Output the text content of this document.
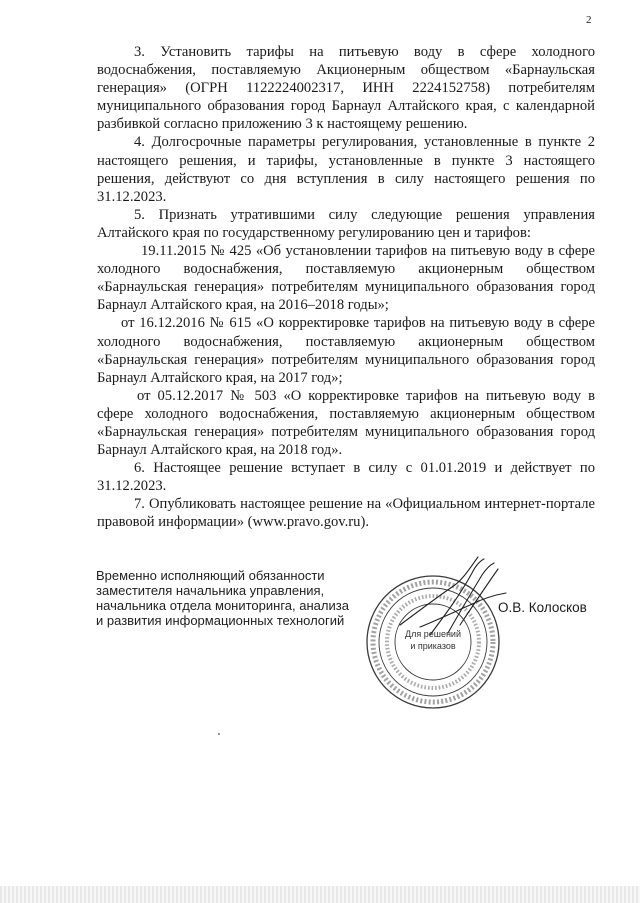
2

3. Установить тарифы на питьевую воду в сфере холодного водоснабжения, поставляемую Акционерным обществом «Барнаульская генерация» (ОГРН 1122224002317, ИНН 2224152758) потребителям муниципального образования город Барнаул Алтайского края, с календарной разбивкой согласно приложению 3 к настоящему решению.

4. Долгосрочные параметры регулирования, установленные в пункте 2 настоящего решения, и тарифы, установленные в пункте 3 настоящего решения, действуют со дня вступления в силу настоящего решения по 31.12.2023.

5. Признать утратившими силу следующие решения управления Алтайского края по государственному регулированию цен и тарифов:

19.11.2015 № 425 «Об установлении тарифов на питьевую воду в сфере холодного водоснабжения, поставляемую акционерным обществом «Барнаульская генерация» потребителям муниципального образования город Барнаул Алтайского края, на 2016–2018 годы»;

от 16.12.2016 № 615 «О корректировке тарифов на питьевую воду в сфере холодного водоснабжения, поставляемую акционерным обществом «Барнаульская генерация» потребителям муниципального образования город Барнаул Алтайского края, на 2017 год»;

от 05.12.2017 № 503 «О корректировке тарифов на питьевую воду в сфере холодного водоснабжения, поставляемую акционерным обществом «Барнаульская генерация» потребителям муниципального образования город Барнаул Алтайского края, на 2018 год».

6. Настоящее решение вступает в силу с 01.01.2019 и действует по 31.12.2023.

7. Опубликовать настоящее решение на «Официальном интернет-портале правовой информации» (www.pravo.gov.ru).

Временно исполняющий обязанности
заместителя начальника управления,
начальника отдела мониторинга, анализа
и развития информационных технологий
Для решений
и приказов
О.В. Колосков
